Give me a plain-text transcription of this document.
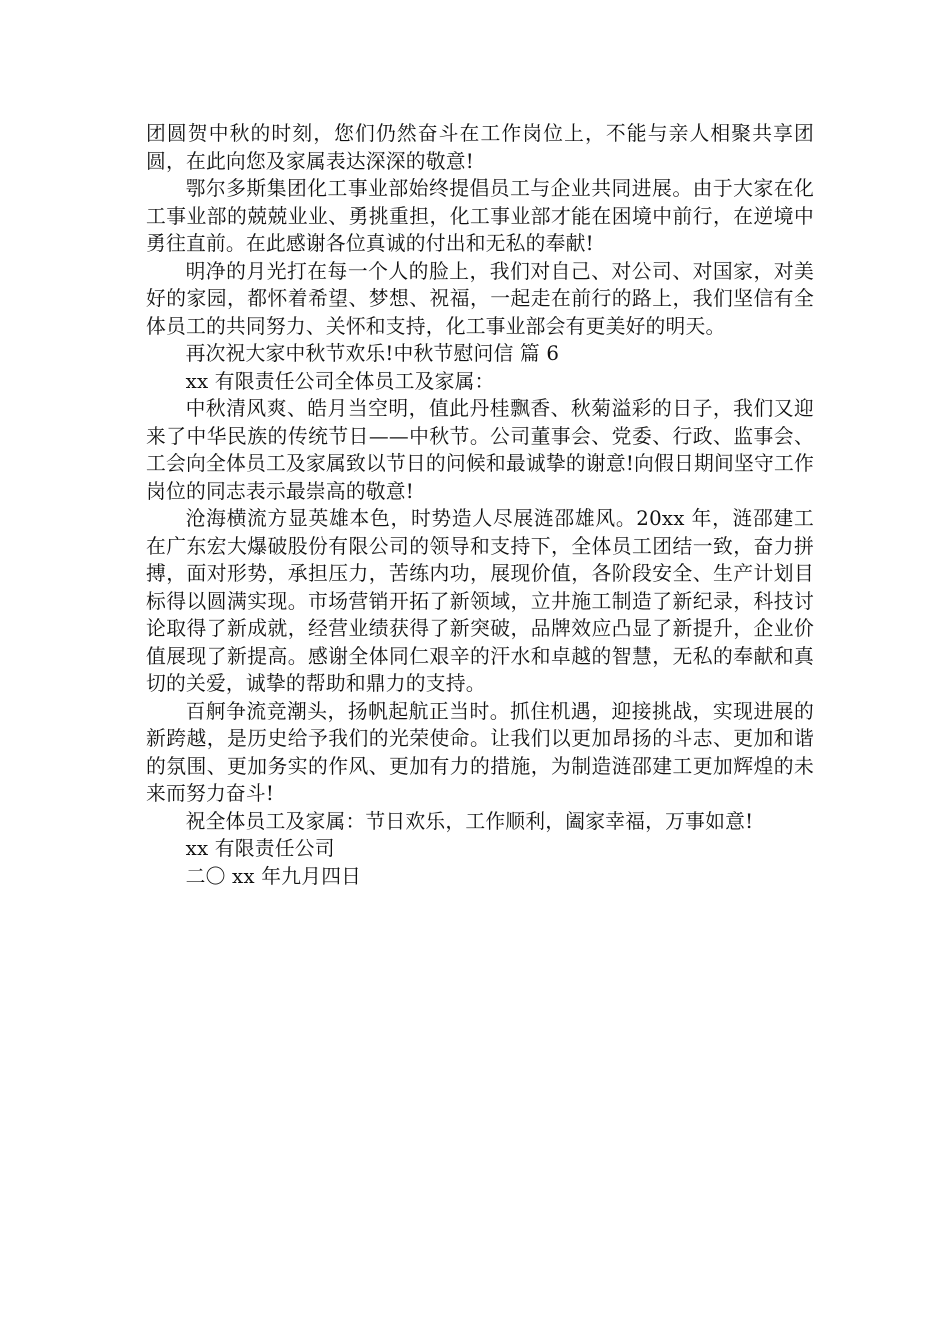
团圆贺中秋的时刻，您们仍然奋斗在工作岗位上，不能与亲人相聚共享团圆，在此向您及家属表达深深的敬意!

鄂尔多斯集团化工事业部始终提倡员工与企业共同进展。由于大家在化工事业部的兢兢业业、勇挑重担，化工事业部才能在困境中前行，在逆境中勇往直前。在此感谢各位真诚的付出和无私的奉献!

明净的月光打在每一个人的脸上，我们对自己、对公司、对国家，对美好的家园，都怀着希望、梦想、祝福，一起走在前行的路上，我们坚信有全体员工的共同努力、关怀和支持，化工事业部会有更美好的明天。

再次祝大家中秋节欢乐!中秋节慰问信 篇 6

xx 有限责任公司全体员工及家属：

中秋清风爽、皓月当空明，值此丹桂飘香、秋菊溢彩的日子，我们又迎来了中华民族的传统节日——中秋节。公司董事会、党委、行政、监事会、工会向全体员工及家属致以节日的问候和最诚挚的谢意!向假日期间坚守工作岗位的同志表示最崇高的敬意!

沧海横流方显英雄本色，时势造人尽展涟邵雄风。20xx 年，涟邵建工在广东宏大爆破股份有限公司的领导和支持下，全体员工团结一致，奋力拼搏，面对形势，承担压力，苦练内功，展现价值，各阶段安全、生产计划目标得以圆满实现。市场营销开拓了新领域，立井施工制造了新纪录，科技讨论取得了新成就，经营业绩获得了新突破，品牌效应凸显了新提升，企业价值展现了新提高。感谢全体同仁艰辛的汗水和卓越的智慧，无私的奉献和真切的关爱，诚挚的帮助和鼎力的支持。

百舸争流竞潮头，扬帆起航正当时。抓住机遇，迎接挑战，实现进展的新跨越，是历史给予我们的光荣使命。让我们以更加昂扬的斗志、更加和谐的氛围、更加务实的作风、更加有力的措施，为制造涟邵建工更加辉煌的未来而努力奋斗!

祝全体员工及家属：节日欢乐，工作顺利，阖家幸福，万事如意!

xx 有限责任公司

二〇 xx 年九月四日
